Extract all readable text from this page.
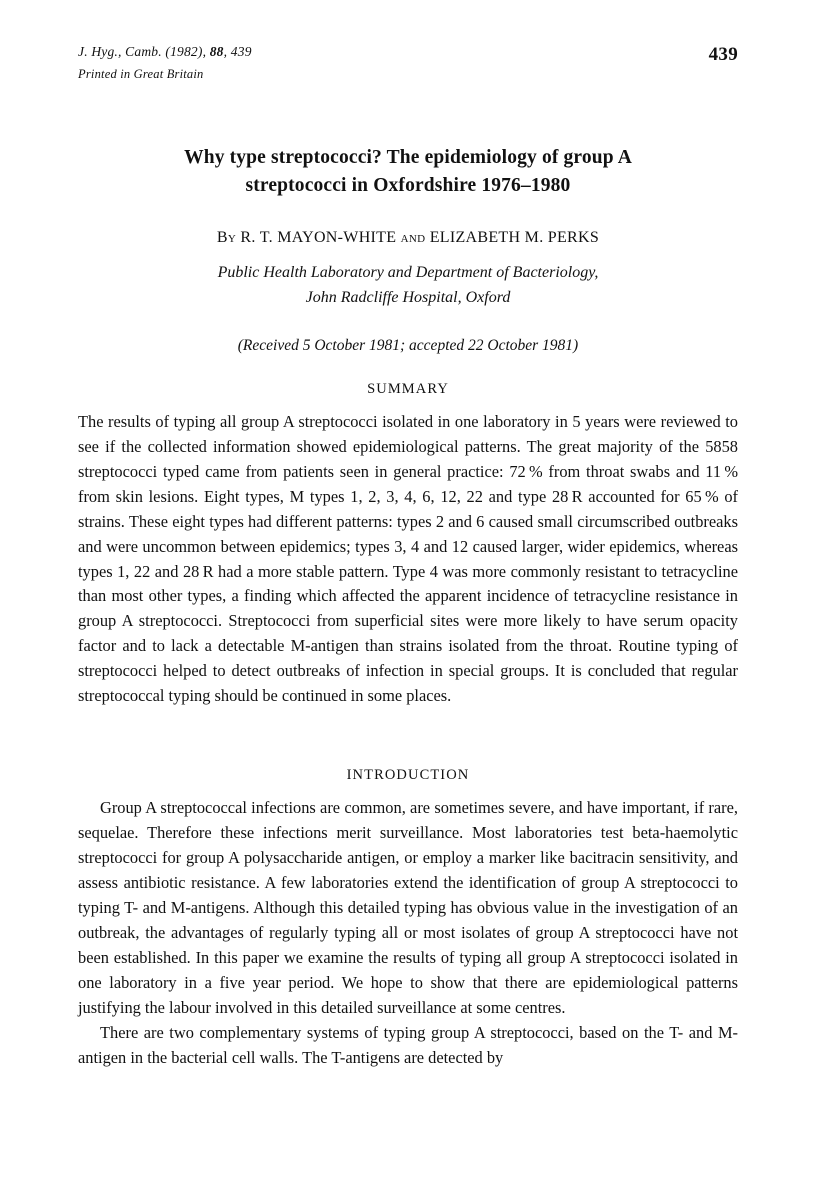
J. Hyg., Camb. (1982), 88, 439
Printed in Great Britain
439
Why type streptococci? The epidemiology of group A
streptococci in Oxfordshire 1976–1980
By R. T. MAYON-WHITE and ELIZABETH M. PERKS
Public Health Laboratory and Department of Bacteriology,
John Radcliffe Hospital, Oxford
(Received 5 October 1981; accepted 22 October 1981)
SUMMARY

The results of typing all group A streptococci isolated in one laboratory in 5 years were reviewed to see if the collected information showed epidemiological patterns. The great majority of the 5858 streptococci typed came from patients seen in general practice: 72 % from throat swabs and 11 % from skin lesions. Eight types, M types 1, 2, 3, 4, 6, 12, 22 and type 28 R accounted for 65 % of strains. These eight types had different patterns: types 2 and 6 caused small circumscribed outbreaks and were uncommon between epidemics; types 3, 4 and 12 caused larger, wider epidemics, whereas types 1, 22 and 28 R had a more stable pattern. Type 4 was more commonly resistant to tetracycline than most other types, a finding which affected the apparent incidence of tetracycline resistance in group A streptococci. Streptococci from superficial sites were more likely to have serum opacity factor and to lack a detectable M-antigen than strains isolated from the throat. Routine typing of streptococci helped to detect outbreaks of infection in special groups. It is concluded that regular streptococcal typing should be continued in some places.

INTRODUCTION

Group A streptococcal infections are common, are sometimes severe, and have important, if rare, sequelae. Therefore these infections merit surveillance. Most laboratories test beta-haemolytic streptococci for group A polysaccharide antigen, or employ a marker like bacitracin sensitivity, and assess antibiotic resistance. A few laboratories extend the identification of group A streptococci to typing T- and M-antigens. Although this detailed typing has obvious value in the investigation of an outbreak, the advantages of regularly typing all or most isolates of group A streptococci have not been established. In this paper we examine the results of typing all group A streptococci isolated in one laboratory in a five year period. We hope to show that there are epidemiological patterns justifying the labour involved in this detailed surveillance at some centres.

There are two complementary systems of typing group A streptococci, based on the T- and M-antigen in the bacterial cell walls. The T-antigens are detected by
